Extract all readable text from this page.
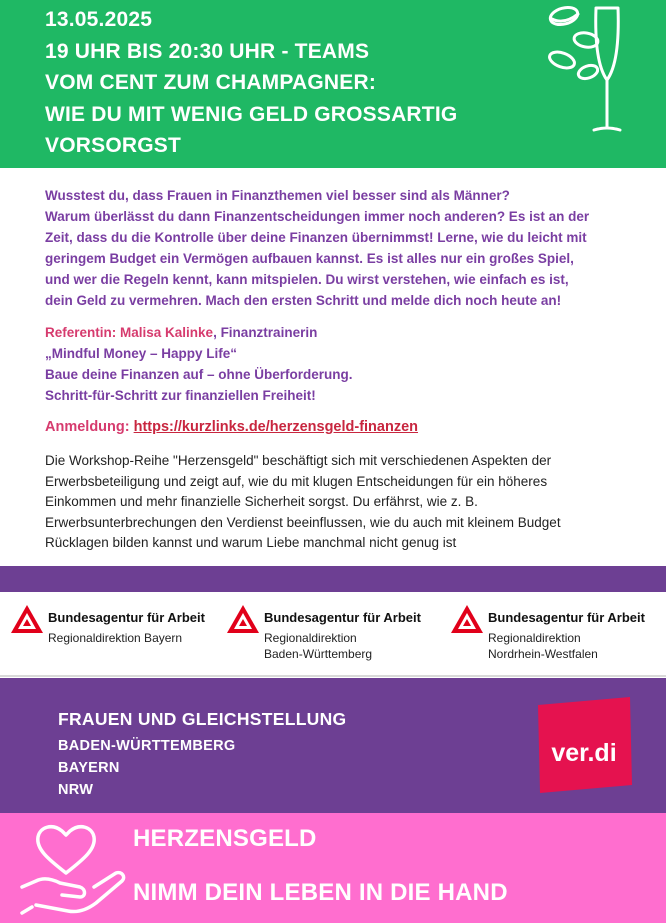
13.05.2025
19 UHR BIS 20:30 UHR - TEAMS
VOM CENT ZUM CHAMPAGNER:
WIE DU MIT WENIG GELD GROSSARTIG
VORSORGST

Wusstest du, dass Frauen in Finanzthemen viel besser sind als Männer?

Warum überlässt du dann Finanzentscheidungen immer noch anderen? Es ist an der

Zeit, dass du die Kontrolle über deine Finanzen übernimmst! Lerne, wie du leicht mit

geringem Budget ein Vermögen aufbauen kannst. Es ist alles nur ein großes Spiel,

und wer die Regeln kennt, kann mitspielen. Du wirst verstehen, wie einfach es ist,

dein Geld zu vermehren. Mach den ersten Schritt und melde dich noch heute an!

Referentin: Malisa Kalinke, Finanztrainerin
„Mindful Money – Happy Life“
Baue deine Finanzen auf – ohne Überforderung.
Schritt-für-Schritt zur finanziellen Freiheit!
Anmeldung: https://kurzlinks.de/herzensgeld-finanzen
Die Workshop-Reihe "Herzensgeld" beschäftigt sich mit verschiedenen Aspekten der
Erwerbsbeteiligung und zeigt auf, wie du mit klugen Entscheidungen für ein höheres
Einkommen und mehr finanzielle Sicherheit sorgst. Du erfährst, wie z. B.
Erwerbsunterbrechungen den Verdienst beeinflussen, wie du auch mit kleinem Budget
Rücklagen bilden kannst und warum Liebe manchmal nicht genug ist
Bundesagentur für Arbeit
Regionaldirektion Bayern
Bundesagentur für Arbeit
Regionaldirektion
Baden-Württemberg
Bundesagentur für Arbeit
Regionaldirektion
Nordrhein-Westfalen
FRAUEN UND GLEICHSTELLUNG
BADEN-WÜRTTEMBERG
BAYERN
NRW
ver.di
HERZENSGELD
NIMM DEIN LEBEN IN DIE HAND
